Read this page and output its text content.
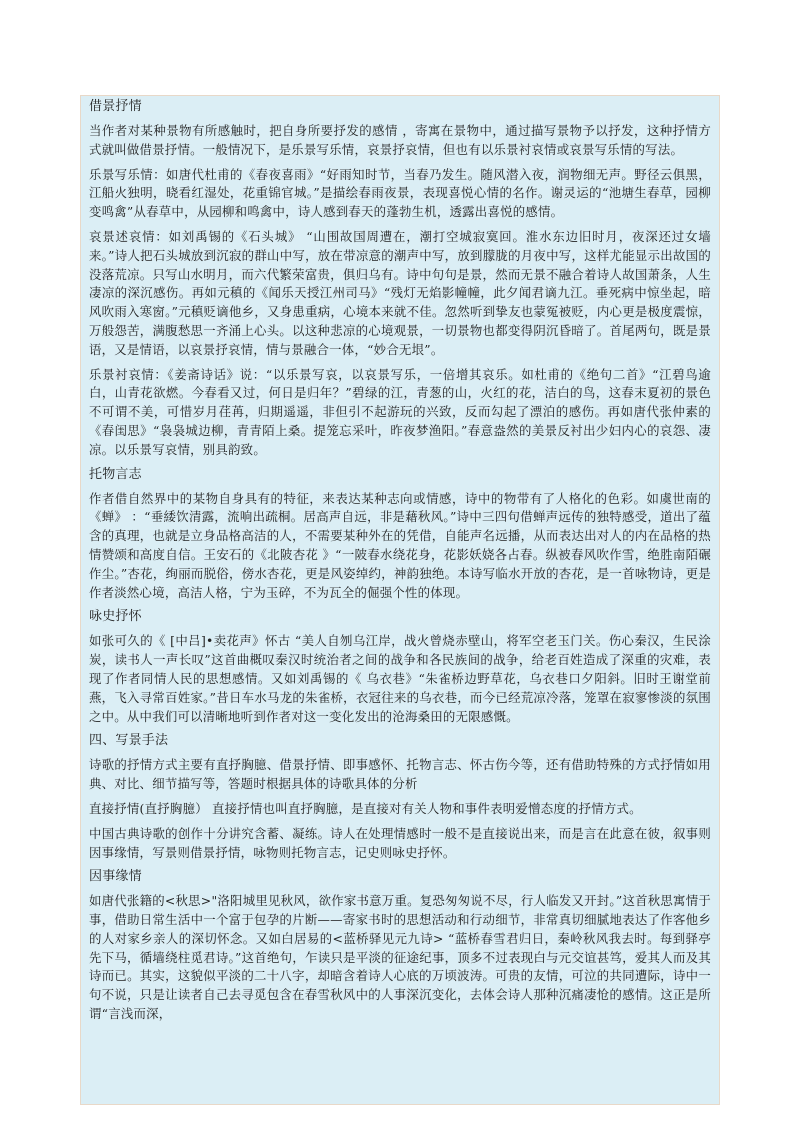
借景抒情

当作者对某种景物有所感触时，把自身所要抒发的感情 ，寄寓在景物中，通过描写景物予以抒发，这种抒情方式就叫做借景抒情。一般情况下，是乐景写乐情，哀景抒哀情，但也有以乐景衬哀情或哀景写乐情的写法。

乐景写乐情：如唐代杜甫的《春夜喜雨》“好雨知时节，当春乃发生。随风潜入夜，润物细无声。野径云俱黑，江船火独明，晓看红湿处，花重锦官城。”是描绘春雨夜景，表现喜悦心情的名作。谢灵运的“池塘生春草，园柳变鸣禽”从春草中，从园柳和鸣禽中，诗人感到春天的蓬勃生机，透露出喜悦的感情。

哀景述哀情：如刘禹锡的《石头城》 “山围故国周遭在，潮打空城寂寞回。淮水东边旧时月，夜深还过女墙来。”诗人把石头城放到沉寂的群山中写，放在带凉意的潮声中写，放到朦胧的月夜中写，这样尤能显示出故国的没落荒凉。只写山水明月，而六代繁荣富贵，俱归乌有。诗中句句是景，然而无景不融合着诗人故国萧条，人生凄凉的深沉感伤。再如元稹的《闻乐天授江州司马》“残灯无焰影幢幢，此夕闻君谪九江。垂死病中惊坐起，暗风吹雨入寒窗。”元稹贬谪他乡，又身患重病，心境本来就不佳。忽然听到挚友也蒙冤被贬，内心更是极度震惊，万般怨苦，满腹愁思一齐涌上心头。以这种悲凉的心境观景，一切景物也都变得阴沉昏暗了。首尾两句，既是景语，又是情语，以哀景抒哀情，情与景融合一体，“妙合无垠”。

乐景衬哀情：《姜斋诗话》说：“以乐景写哀，以哀景写乐，一倍增其哀乐。如杜甫的《绝句二首》“江碧鸟逾白，山青花欲燃。今春看又过，何日是归年？”碧绿的江，青葱的山，火红的花，洁白的鸟，这春末夏初的景色不可谓不美，可惜岁月荏苒，归期遥遥，非但引不起游玩的兴致，反而勾起了漂泊的感伤。再如唐代张仲素的《春闺思》“袅袅城边柳，青青陌上桑。提笼忘采叶，昨夜梦渔阳。”春意盎然的美景反衬出少妇内心的哀怨、凄凉。以乐景写哀情，别具韵致。

托物言志

作者借自然界中的某物自身具有的特征，来表达某种志向或情感，诗中的物带有了人格化的色彩。如虞世南的《蝉》 ：“垂緌饮清露，流响出疏桐。居高声自远，非是藉秋风。”诗中三四句借蝉声远传的独特感受，道出了蕴含的真理，也就是立身品格高洁的人，不需要某种外在的凭借，自能声名远播，从而表达出对人的内在品格的热情赞颂和高度自信。王安石的《北陂杏花 》“一陂春水绕花身，花影妖娆各占春。纵被春风吹作雪，绝胜南陌碾作尘。”杏花，绚丽而脱俗，傍水杏花，更是风姿绰约，神韵独绝。本诗写临水开放的杏花，是一首咏物诗，更是作者淡然心境，高洁人格，宁为玉碎，不为瓦全的倔强个性的体现。

咏史抒怀

如张可久的《 [中吕]•卖花声》怀古 “美人自刎乌江岸，战火曾烧赤壁山，将军空老玉门关。伤心秦汉，生民涂炭，读书人一声长叹”这首曲概叹秦汉时统治者之间的战争和各民族间的战争，给老百姓造成了深重的灾难，表现了作者同情人民的思想感情。又如刘禹锡的《 乌衣巷》“朱雀桥边野草花，乌衣巷口夕阳斜。旧时王谢堂前燕，飞入寻常百姓家。”昔日车水马龙的朱雀桥，衣冠往来的乌衣巷，而今已经荒凉冷落，笼罩在寂寥惨淡的氛围之中。从中我们可以清晰地听到作者对这一变化发出的沧海桑田的无限感慨。

四、写景手法

诗歌的抒情方式主要有直抒胸臆、借景抒情、即事感怀、托物言志、怀古伤今等，还有借助特殊的方式抒情如用典、对比、细节描写等，答题时根据具体的诗歌具体的分析

直接抒情(直抒胸臆） 直接抒情也叫直抒胸臆，是直接对有关人物和事件表明爱憎态度的抒情方式。

中国古典诗歌的创作十分讲究含蓄、凝练。诗人在处理情感时一般不是直接说出来，而是言在此意在彼，叙事则因事缘情，写景则借景抒情，咏物则托物言志，记史则咏史抒怀。

因事缘情

如唐代张籍的<秋思>"洛阳城里见秋风，欲作家书意万重。复恐匆匆说不尽，行人临发又开封。”这首秋思寓情于事，借助日常生活中一个富于包孕的片断——寄家书时的思想活动和行动细节，非常真切细腻地表达了作客他乡的人对家乡亲人的深切怀念。又如白居易的<蓝桥驿见元九诗> “蓝桥春雪君归日，秦岭秋风我去时。每到驿亭先下马，循墙绕柱觅君诗。”这首绝句，乍读只是平淡的征途纪事，顶多不过表现白与元交谊甚笃，爱其人而及其诗而已。其实，这貌似平淡的二十八字，却暗含着诗人心底的万顷波涛。可贵的友情，可泣的共同遭际，诗中一句不说，只是让读者自己去寻觅包含在春雪秋风中的人事深沉变化，去体会诗人那种沉痛凄怆的感情。这正是所谓“言浅而深，
